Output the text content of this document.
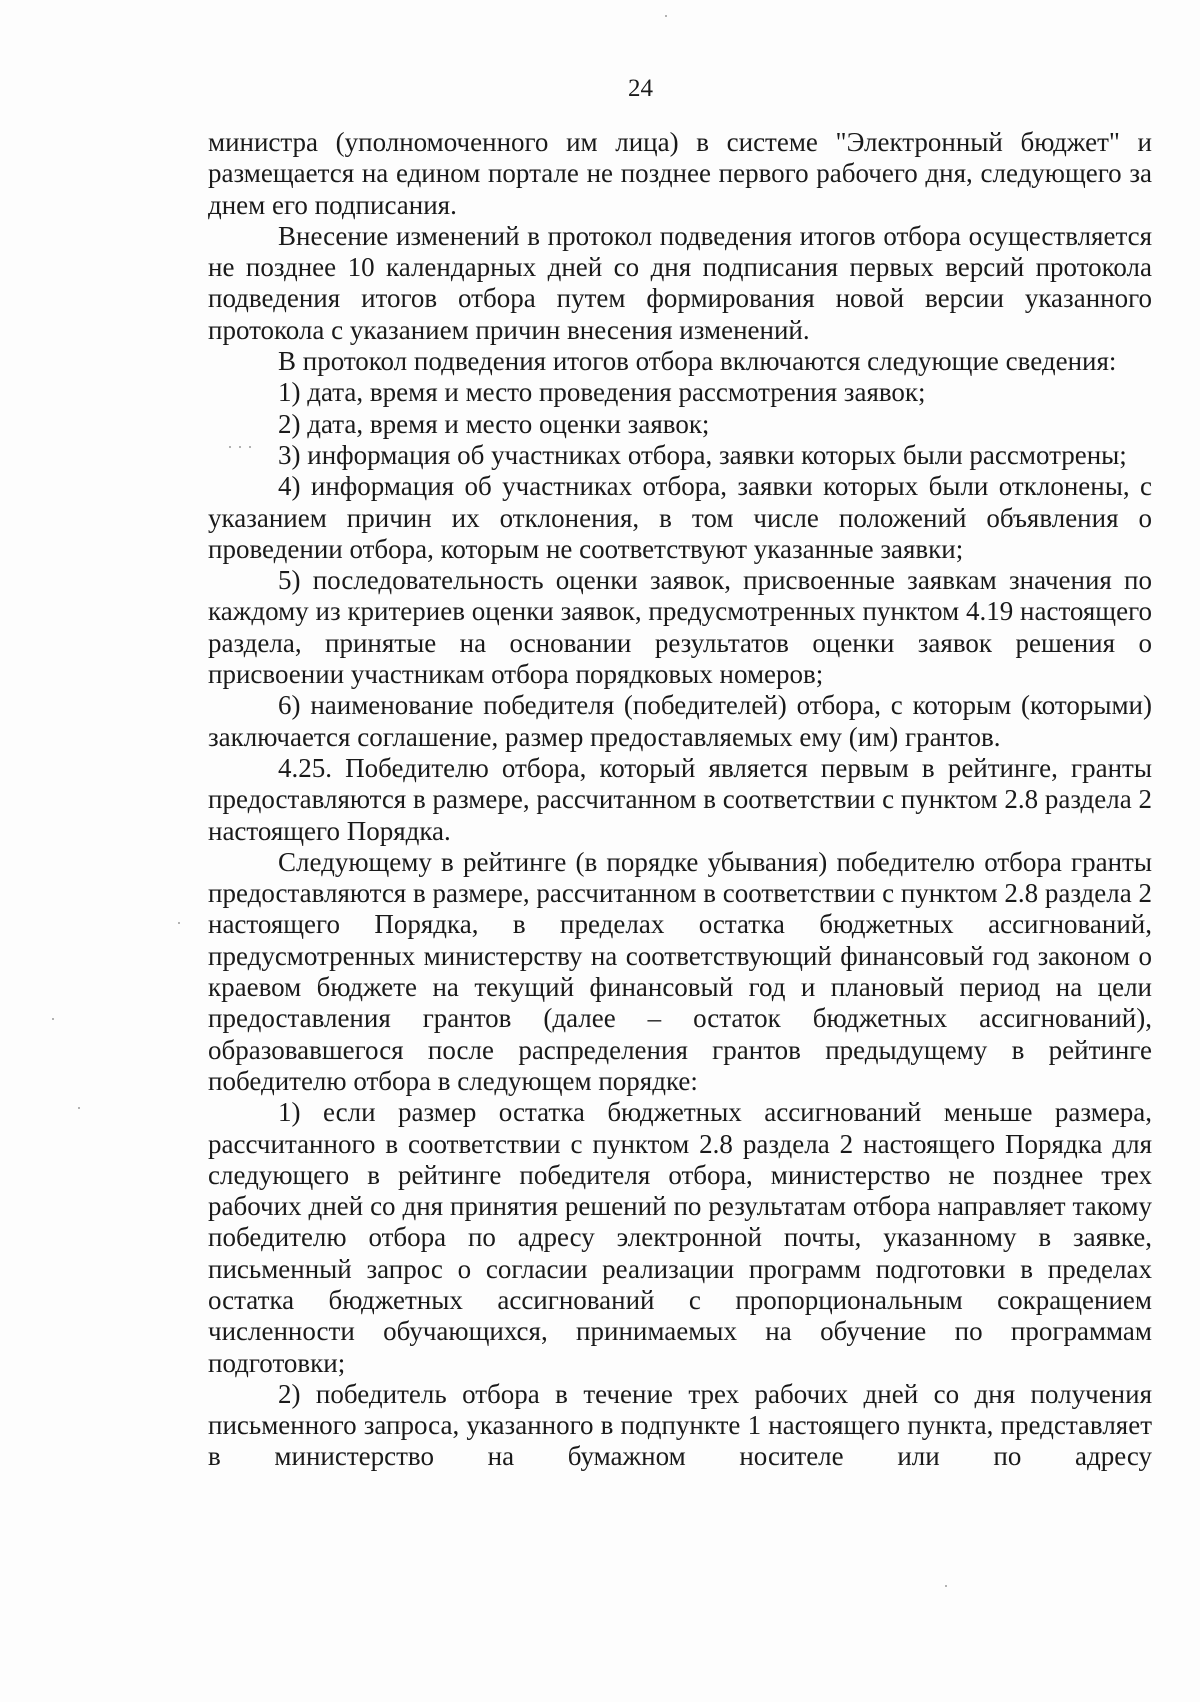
24

министра (уполномоченного им лица) в системе "Электронный бюджет" и размещается на едином портале не позднее первого рабочего дня, следующего за днем его подписания.

Внесение изменений в протокол подведения итогов отбора осуществляется не позднее 10 календарных дней со дня подписания первых версий протокола подведения итогов отбора путем формирования новой версии указанного протокола с указанием причин внесения изменений.

В протокол подведения итогов отбора включаются следующие сведения:

1) дата, время и место проведения рассмотрения заявок;

2) дата, время и место оценки заявок;

3) информация об участниках отбора, заявки которых были рассмотрены;

4) информация об участниках отбора, заявки которых были отклонены, с указанием причин их отклонения, в том числе положений объявления о проведении отбора, которым не соответствуют указанные заявки;

5) последовательность оценки заявок, присвоенные заявкам значения по каждому из критериев оценки заявок, предусмотренных пунктом 4.19 настоящего раздела, принятые на основании результатов оценки заявок решения о присвоении участникам отбора порядковых номеров;

6) наименование победителя (победителей) отбора, с которым (которыми) заключается соглашение, размер предоставляемых ему (им) грантов.

4.25. Победителю отбора, который является первым в рейтинге, гранты предоставляются в размере, рассчитанном в соответствии с пунктом 2.8 раздела 2 настоящего Порядка.

Следующему в рейтинге (в порядке убывания) победителю отбора гранты предоставляются в размере, рассчитанном в соответствии с пунктом 2.8 раздела 2 настоящего Порядка, в пределах остатка бюджетных ассигнований, предусмотренных министерству на соответствующий финансовый год законом о краевом бюджете на текущий финансовый год и плановый период на цели предоставления грантов (далее – остаток бюджетных ассигнований), образовавшегося после распределения грантов предыдущему в рейтинге победителю отбора в следующем порядке:

1) если размер остатка бюджетных ассигнований меньше размера, рассчитанного в соответствии с пунктом 2.8 раздела 2 настоящего Порядка для следующего в рейтинге победителя отбора, министерство не позднее трех рабочих дней со дня принятия решений по результатам отбора направляет такому победителю отбора по адресу электронной почты, указанному в заявке, письменный запрос о согласии реализации программ подготовки в пределах остатка бюджетных ассигнований с пропорциональным сокращением численности обучающихся, принимаемых на обучение по программам подготовки;

2) победитель отбора в течение трех рабочих дней со дня получения письменного запроса, указанного в подпункте 1 настоящего пункта, представляет в министерство на бумажном носителе или по адресу
